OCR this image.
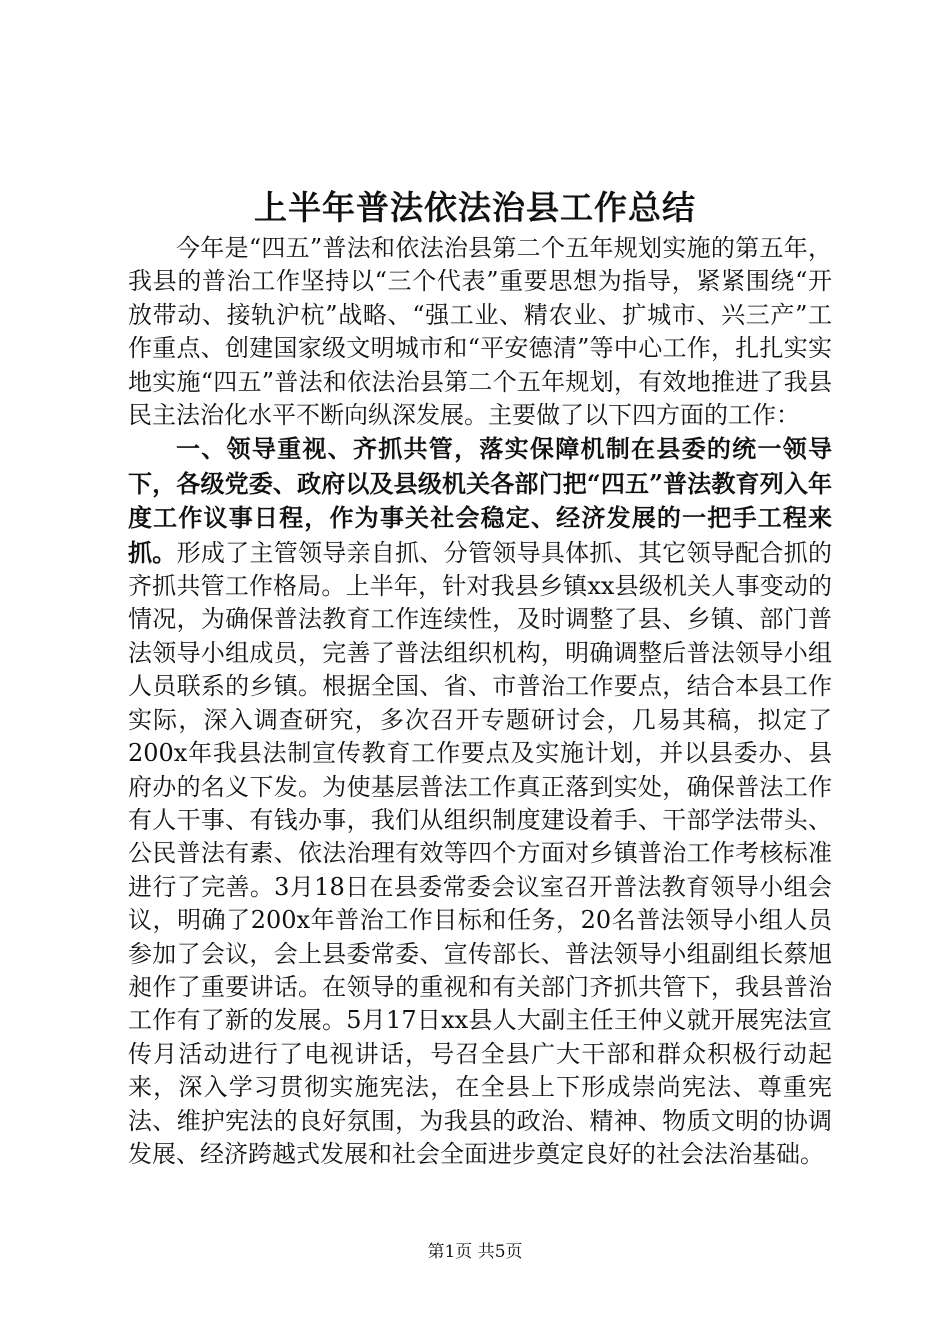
上半年普法依法治县工作总结

今年是“四五”普法和依法治县第二个五年规划实施的第五年，我县的普治工作坚持以“三个代表”重要思想为指导，紧紧围绕“开放带动、接轨沪杭”战略、“强工业、精农业、扩城市、兴三产”工作重点、创建国家级文明城市和“平安德清”等中心工作，扎扎实实地实施“四五”普法和依法治县第二个五年规划，有效地推进了我县民主法治化水平不断向纵深发展。主要做了以下四方面的工作：

一、领导重视、齐抓共管，落实保障机制在县委的统一领导下，各级党委、政府以及县级机关各部门把“四五”普法教育列入年度工作议事日程，作为事关社会稳定、经济发展的一把手工程来抓。形成了主管领导亲自抓、分管领导具体抓、其它领导配合抓的齐抓共管工作格局。上半年，针对我县乡镇xx县级机关人事变动的情况，为确保普法教育工作连续性，及时调整了县、乡镇、部门普法领导小组成员，完善了普法组织机构，明确调整后普法领导小组人员联系的乡镇。根据全国、省、市普治工作要点，结合本县工作实际，深入调查研究，多次召开专题研讨会，几易其稿，拟定了200x年我县法制宣传教育工作要点及实施计划，并以县委办、县府办的名义下发。为使基层普法工作真正落到实处，确保普法工作有人干事、有钱办事，我们从组织制度建设着手、干部学法带头、公民普法有素、依法治理有效等四个方面对乡镇普治工作考核标准进行了完善。3月18日在县委常委会议室召开普法教育领导小组会议，明确了200x年普治工作目标和任务，20名普法领导小组人员参加了会议，会上县委常委、宣传部长、普法领导小组副组长蔡旭昶作了重要讲话。在领导的重视和有关部门齐抓共管下，我县普治工作有了新的发展。5月17日xx县人大副主任王仲义就开展宪法宣传月活动进行了电视讲话，号召全县广大干部和群众积极行动起来，深入学习贯彻实施宪法，在全县上下形成崇尚宪法、尊重宪法、维护宪法的良好氛围，为我县的政治、精神、物质文明的协调发展、经济跨越式发展和社会全面进步奠定良好的社会法治基础。

第1页 共5页
